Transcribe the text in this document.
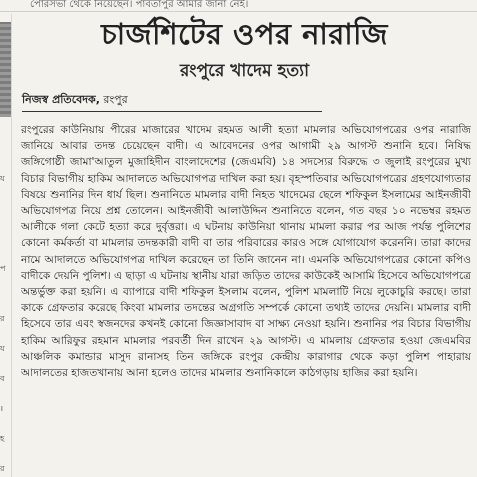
পোরসভা থেকে নিয়েছেন। পাবতাপুর আমার জানা নেই।
য
প
র
য
ব
।
হ
র
চার্জশিটের ওপর নারাজি
রংপুরে খাদেম হত্যা
নিজস্ব প্রতিবেদক, রংপুর

রংপুরের কাউনিয়ায় পীরের মাজারের খাদেম রহমত আলী হত্যা মামলার অভিযোগপত্রের ওপর নারাজি জানিয়ে আবার তদন্ত চেয়েছেন বাদী। এ আবেদনের ওপর আগামী ২৯ আগস্ট শুনানি হবে। নিষিদ্ধ জঙ্গিগোষ্ঠী জামা'আতুল মুজাহিদীন বাংলাদেশের (জেএমবি) ১৪ সদস্যের বিরুদ্ধে ৩ জুলাই রংপুরের মুখ্য বিচার বিভাগীয় হাকিম আদালতে অভিযোগপত্র দাখিল করা হয়। বৃহস্পতিবার অভিযোগপত্রের গ্রহণযোগ্যতার বিষয়ে শুনানির দিন ধার্য ছিল। শুনানিতে মামলার বাদী নিহত খাদেমের ছেলে শফিকুল ইসলামের আইনজীবী অভিযোগপত্র নিয়ে প্রশ্ন তোলেন। আইনজীবী আলাউদ্দিন শুনানিতে বলেন, গত বছর ১০ নভেম্বর রহমত আলীকে গলা কেটে হত্যা করে দুর্বৃত্তরা। এ ঘটনায় কাউনিয়া থানায় মামলা করার পর আজ পর্যন্ত পুলিশের কোনো কর্মকর্তা বা মামলার তদন্তকারী বাদী বা তার পরিবারের কারও সঙ্গে যোগাযোগ করেননি। তারা কাদের নামে আদালতে অভিযোগপত্র দাখিল করেছেন তা তিনি জানেন না। এমনকি অভিযোগপত্রের কোনো কপিও বাদীকে দেয়নি পুলিশ। এ ছাড়া এ ঘটনায় স্থানীয় যারা জড়িত তাদের কাউকেই আসামি হিসেবে অভিযোগপত্রে অন্তর্ভুক্ত করা হয়নি। এ ব্যাপারে বাদী শফিকুল ইসলাম বলেন, পুলিশ মামলাটি নিয়ে লুকোচুরি করছে। তারা কাকে গ্রেফতার করেছে কিংবা মামলার তদন্তের অগ্রগতি সম্পর্কে কোনো তথ্যই তাদের দেয়নি। মামলার বাদী হিসেবে তার এবং স্বজনদের কখনই কোনো জিজ্ঞাসাবাদ বা সাক্ষ্য নেওয়া হয়নি। শুনানির পর বিচার বিভাগীয় হাকিম আরিফুর রহমান মামলার পরবর্তী দিন রাখেন ২৯ আগস্ট। এ মামলায় গ্রেফতার হওয়া জেএমবির আঞ্চলিক কমান্ডার মাসুদ রানাসহ তিন জঙ্গিকে রংপুর কেন্দ্রীয় কারাগার থেকে কড়া পুলিশ পাহারায় আদালতের হাজতখানায় আনা হলেও তাদের মামলার শুনানিকালে কাঠগড়ায় হাজির করা হয়নি।
